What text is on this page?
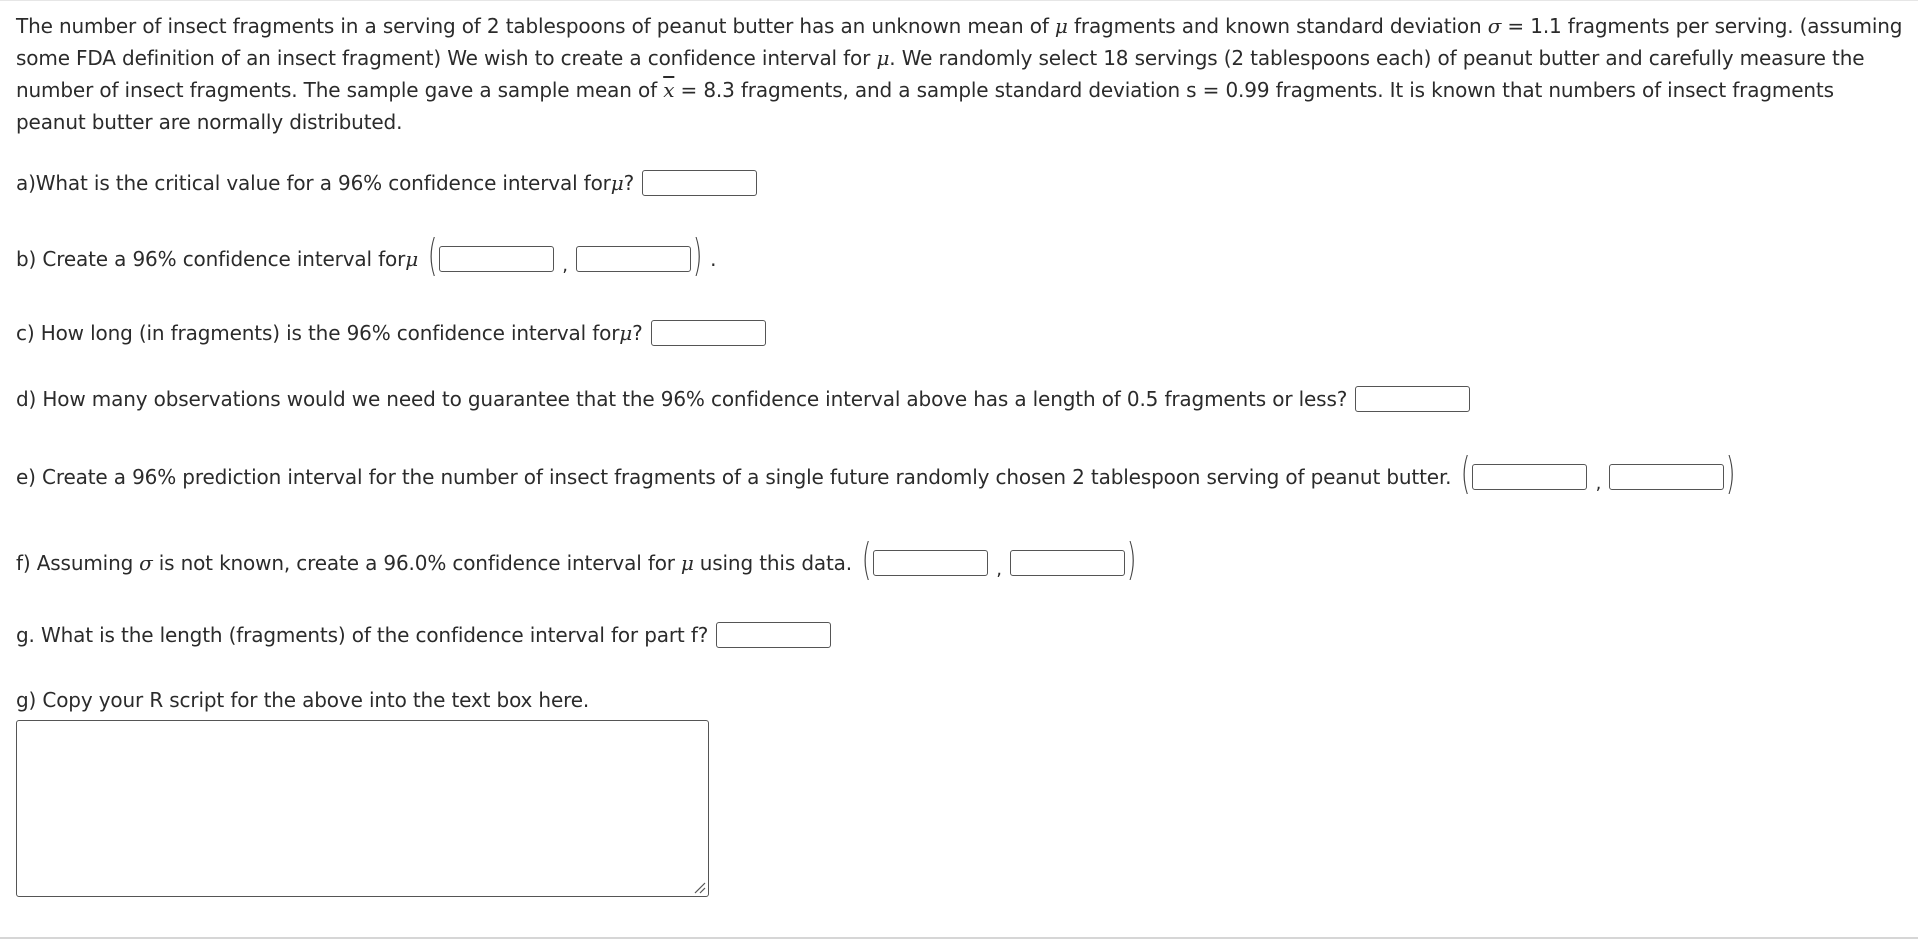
The number of insect fragments in a serving of 2 tablespoons of peanut butter has an unknown mean of μ fragments and known standard deviation σ = 1.1 fragments per serving. (assuming some FDA definition of an insect fragment) We wish to create a confidence interval for μ. We randomly select 18 servings (2 tablespoons each) of peanut butter and carefully measure the number of insect fragments. The sample gave a sample mean of $\overline{x} = 8.3$ fragments, and a sample standard deviation s = 0.99 fragments. It is known that numbers of insect fragments peanut butter are normally distributed.

a)What is the critical value for a 96% confidence interval for μ ?
b) Create a 96% confidence interval for μ (	,	) .
c) How long (in fragments) is the 96% confidence interval for μ ?
d) How many observations would we need to guarantee that the 96% confidence interval above has a length of 0.5 fragments or less?
e) Create a 96% prediction interval for the number of insect fragments of a single future randomly chosen 2 tablespoon serving of peanut butter. (	,	)
f) Assuming σ is not known, create a 96.0% confidence interval for μ using this data. (	,	)
g. What is the length (fragments) of the confidence interval for part f?
g) Copy your R script for the above into the text box here.
